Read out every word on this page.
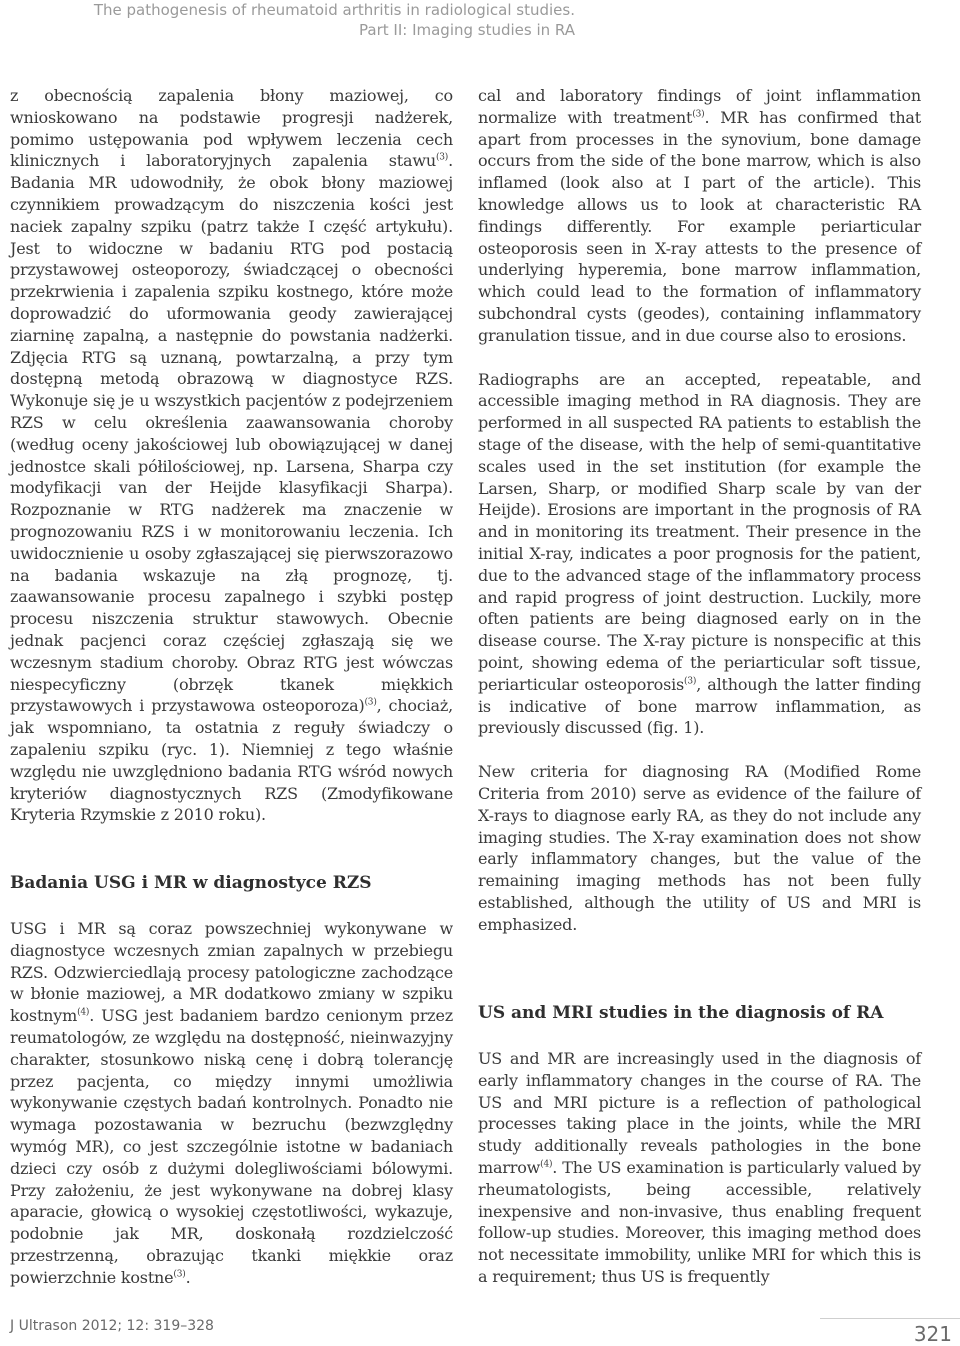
The pathogenesis of rheumatoid arthritis in radiological studies.
Part II: Imaging studies in RA

z obecnością zapalenia błony maziowej, co wnioskowano na podstawie progresji nadżerek, pomimo ustępowania pod wpływem leczenia cech klinicznych i laboratoryjnych zapalenia stawu$^{(3)}$. Badania MR udowodniły, że obok błony maziowej czynnikiem prowadzącym do niszczenia kości jest naciek zapalny szpiku (patrz także I część artykułu). Jest to widoczne w badaniu RTG pod postacią przystawowej osteoporozy, świadczącej o obecności przekrwienia i zapalenia szpiku kostnego, które może doprowadzić do uformowania geody zawierającej ziarninę zapalną, a następnie do powstania nadżerki. Zdjęcia RTG są uznaną, powtarzalną, a przy tym dostępną metodą obrazową w diagnostyce RZS. Wykonuje się je u wszystkich pacjentów z podejrzeniem RZS w celu określenia zaawansowania choroby (według oceny jakościowej lub obowiązującej w danej jednostce skali półilościowej, np. Larsena, Sharpa czy modyfikacji van der Heijde klasyfikacji Sharpa). Rozpoznanie w RTG nadżerek ma znaczenie w prognozowaniu RZS i w monitorowaniu leczenia. Ich uwidocznienie u osoby zgłaszającej się pierwszorazowo na badania wskazuje na złą prognozę, tj. zaawansowanie procesu zapalnego i szybki postęp procesu niszczenia struktur stawowych. Obecnie jednak pacjenci coraz częściej zgłaszają się we wczesnym stadium choroby. Obraz RTG jest wówczas niespecyficzny (obrzęk tkanek miękkich przystawowych i przystawowa osteoporoza)$^{(3)}$, chociaż, jak wspomniano, ta ostatnia z reguły świadczy o zapaleniu szpiku (ryc. 1). Niemniej z tego właśnie względu nie uwzględniono badania RTG wśród nowych kryteriów diagnostycznych RZS (Zmodyfikowane Kryteria Rzymskie z 2010 roku).

Badania USG i MR w diagnostyce RZS

USG i MR są coraz powszechniej wykonywane w diagnostyce wczesnych zmian zapalnych w przebiegu RZS. Odzwierciedlają procesy patologiczne zachodzące w błonie maziowej, a MR dodatkowo zmiany w szpiku kostnym$^{(4)}$. USG jest badaniem bardzo cenionym przez reumatologów, ze względu na dostępność, nieinwazyjny charakter, stosunkowo niską cenę i dobrą tolerancję przez pacjenta, co między innymi umożliwia wykonywanie częstych badań kontrolnych. Ponadto nie wymaga pozostawania w bezruchu (bezwzględny wymóg MR), co jest szczególnie istotne w badaniach dzieci czy osób z dużymi dolegliwościami bólowymi. Przy założeniu, że jest wykonywane na dobrej klasy aparacie, głowicą o wysokiej częstotliwości, wykazuje, podobnie jak MR, doskonałą rozdzielczość przestrzenną, obrazując tkanki miękkie oraz powierzchnie kostne$^{(3)}$.

cal and laboratory findings of joint inflammation normalize with treatment$^{(3)}$. MR has confirmed that apart from processes in the synovium, bone damage occurs from the side of the bone marrow, which is also inflamed (look also at I part of the article). This knowledge allows us to look at characteristic RA findings differently. For example periarticular osteoporosis seen in X-ray attests to the presence of underlying hyperemia, bone marrow inflammation, which could lead to the formation of inflammatory subchondral cysts (geodes), containing inflammatory granulation tissue, and in due course also to erosions.

Radiographs are an accepted, repeatable, and accessible imaging method in RA diagnosis. They are performed in all suspected RA patients to establish the stage of the disease, with the help of semi-quantitative scales used in the set institution (for example the Larsen, Sharp, or modified Sharp scale by van der Heijde). Erosions are important in the prognosis of RA and in monitoring its treatment. Their presence in the initial X-ray, indicates a poor prognosis for the patient, due to the advanced stage of the inflammatory process and rapid progress of joint destruction. Luckily, more often patients are being diagnosed early on in the disease course. The X-ray picture is nonspecific at this point, showing edema of the periarticular soft tissue, periarticular osteoporosis$^{(3)}$, although the latter finding is indicative of bone marrow inflammation, as previously discussed (fig. 1).

New criteria for diagnosing RA (Modified Rome Criteria from 2010) serve as evidence of the failure of X-rays to diagnose early RA, as they do not include any imaging studies. The X-ray examination does not show early inflammatory changes, but the value of the remaining imaging methods has not been fully established, although the utility of US and MRI is emphasized.

US and MRI studies in the diagnosis of RA

US and MR are increasingly used in the diagnosis of early inflammatory changes in the course of RA. The US and MRI picture is a reflection of pathological processes taking place in the joints, while the MRI study additionally reveals pathologies in the bone marrow$^{(4)}$. The US examination is particularly valued by rheumatologists, being accessible, relatively inexpensive and non-invasive, thus enabling frequent follow-up studies. Moreover, this imaging method does not necessitate immobility, unlike MRI for which this is a requirement; thus US is frequently

J Ultrason 2012; 12: 319–328	321
